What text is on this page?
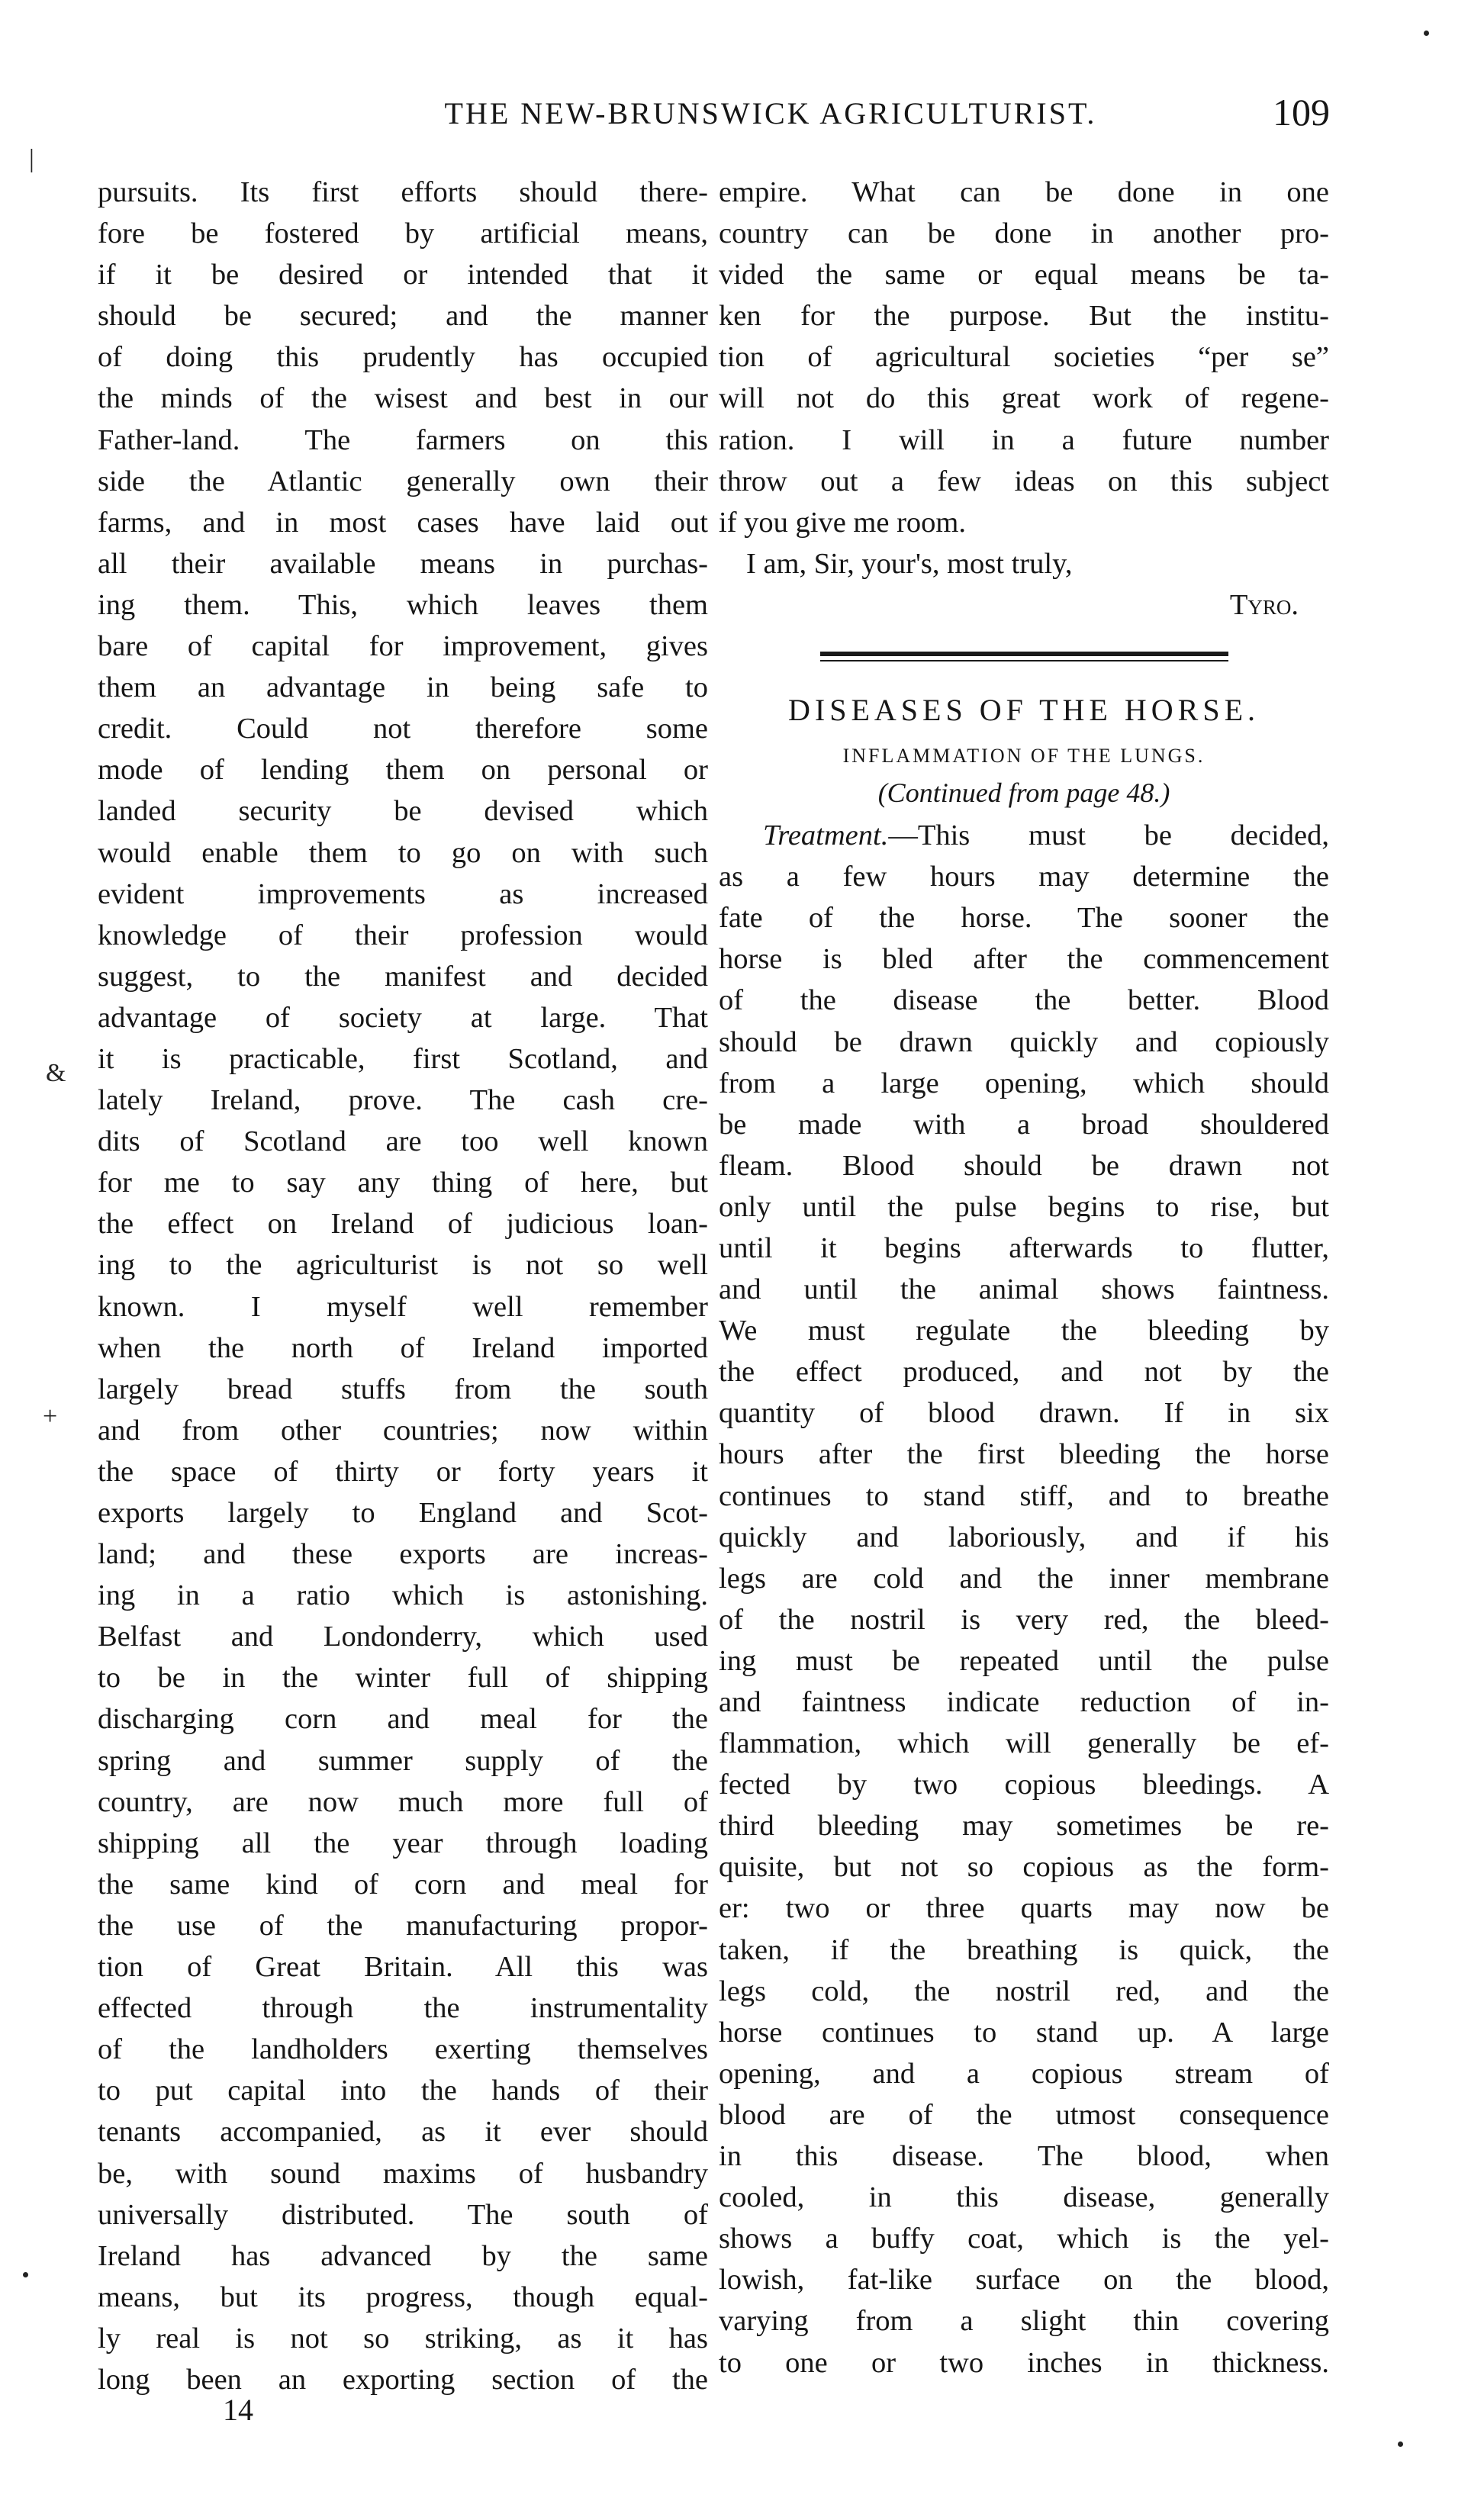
THE NEW-BRUNSWICK AGRICULTURIST.	109
pursuits. Its first efforts should there-
fore be fostered by artificial means,
if it be desired or intended that it
should be secured; and the manner
of doing this prudently has occupied
the minds of the wisest and best in our
Father-land. The farmers on this
side the Atlantic generally own their
farms, and in most cases have laid out
all their available means in purchas-
ing them. This, which leaves them
bare of capital for improvement, gives
them an advantage in being safe to
credit. Could not therefore some
mode of lending them on personal or
landed security be devised which
would enable them to go on with such
evident improvements as increased
knowledge of their profession would
suggest, to the manifest and decided
advantage of society at large. That
it is practicable, first Scotland, and
lately Ireland, prove. The cash cre-
dits of Scotland are too well known
for me to say any thing of here, but
the effect on Ireland of judicious loan-
ing to the agriculturist is not so well
known. I myself well remember
when the north of Ireland imported
largely bread stuffs from the south
and from other countries; now within
the space of thirty or forty years it
exports largely to England and Scot-
land; and these exports are increas-
ing in a ratio which is astonishing.
Belfast and Londonderry, which used
to be in the winter full of shipping
discharging corn and meal for the
spring and summer supply of the
country, are now much more full of
shipping all the year through loading
the same kind of corn and meal for
the use of the manufacturing propor-
tion of Great Britain. All this was
effected through the instrumentality
of the landholders exerting themselves
to put capital into the hands of their
tenants accompanied, as it ever should
be, with sound maxims of husbandry
universally distributed. The south of
Ireland has advanced by the same
means, but its progress, though equal-
ly real is not so striking, as it has
long been an exporting section of the
empire. What can be done in one
country can be done in another pro-
vided the same or equal means be ta-
ken for the purpose. But the institu-
tion of agricultural societies “per se”
will not do this great work of regene-
ration. I will in a future number
throw out a few ideas on this subject
if you give me room.
I am, Sir, your's, most truly,
Tyro.
DISEASES OF THE HORSE.
INFLAMMATION OF THE LUNGS.
(Continued from page 48.)
Treatment.—This must be decided,
as a few hours may determine the
fate of the horse. The sooner the
horse is bled after the commencement
of the disease the better. Blood
should be drawn quickly and copiously
from a large opening, which should
be made with a broad shouldered
fleam. Blood should be drawn not
only until the pulse begins to rise, but
until it begins afterwards to flutter,
and until the animal shows faintness.
We must regulate the bleeding by
the effect produced, and not by the
quantity of blood drawn. If in six
hours after the first bleeding the horse
continues to stand stiff, and to breathe
quickly and laboriously, and if his
legs are cold and the inner membrane
of the nostril is very red, the bleed-
ing must be repeated until the pulse
and faintness indicate reduction of in-
flammation, which will generally be ef-
fected by two copious bleedings. A
third bleeding may sometimes be re-
quisite, but not so copious as the form-
er: two or three quarts may now be
taken, if the breathing is quick, the
legs cold, the nostril red, and the
horse continues to stand up. A large
opening, and a copious stream of
blood are of the utmost consequence
in this disease. The blood, when
cooled, in this disease, generally
shows a buffy coat, which is the yel-
lowish, fat-like surface on the blood,
varying from a slight thin covering
to one or two inches in thickness.
14
|
&
+
